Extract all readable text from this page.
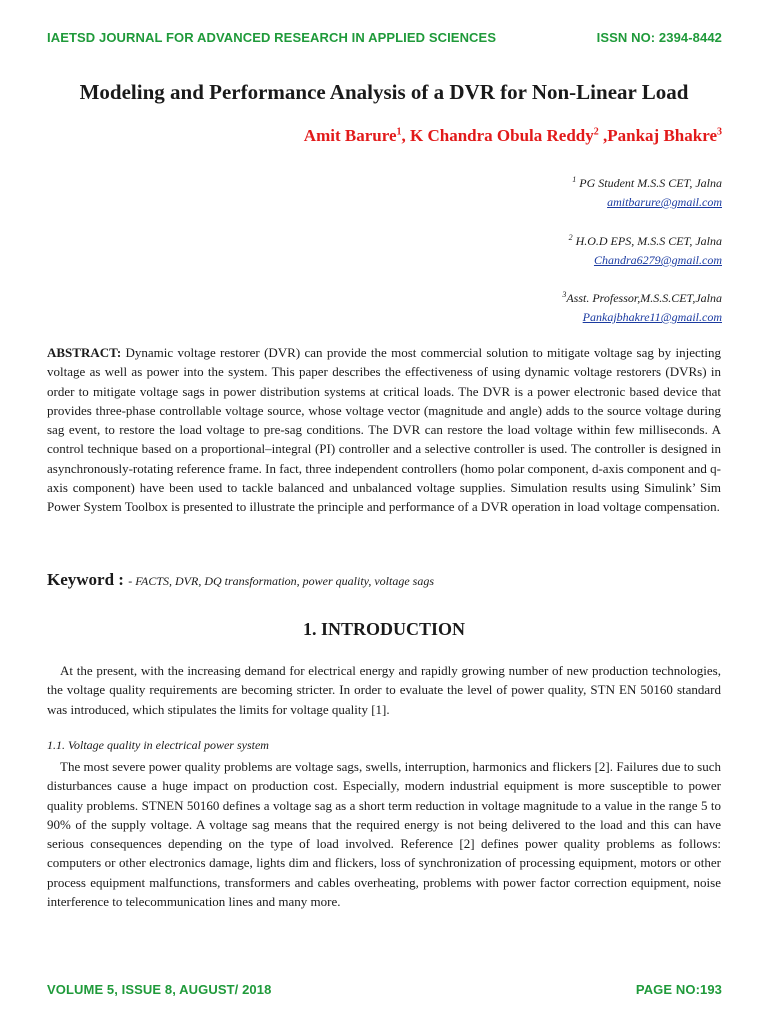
IAETSD JOURNAL FOR ADVANCED RESEARCH IN APPLIED SCIENCES	ISSN NO: 2394-8442
Modeling and Performance Analysis of a DVR for Non-Linear Load

Amit Barure$^1$, K Chandra Obula Reddy$^2$ ,Pankaj Bhakre$^3$

$^1$ PG Student M.S.S CET, Jalna
amitbarure@gmail.com
$^2$ H.O.D EPS, M.S.S CET, Jalna
Chandra6279@gmail.com
$^3$Asst. Professor,M.S.S.CET,Jalna
Pankajbhakre11@gmail.com

ABSTRACT: Dynamic voltage restorer (DVR) can provide the most commercial solution to mitigate voltage sag by injecting voltage as well as power into the system. This paper describes the effectiveness of using dynamic voltage restorers (DVRs) in order to mitigate voltage sags in power distribution systems at critical loads. The DVR is a power electronic based device that provides three-phase controllable voltage source, whose voltage vector (magnitude and angle) adds to the source voltage during sag event, to restore the load voltage to pre-sag conditions. The DVR can restore the load voltage within few milliseconds. A control technique based on a proportional–integral (PI) controller and a selective controller is used. The controller is designed in asynchronously-rotating reference frame. In fact, three independent controllers (homo polar component, d-axis component and q-axis component) have been used to tackle balanced and unbalanced voltage supplies. Simulation results using Simulink’ Sim Power System Toolbox is presented to illustrate the principle and performance of a DVR operation in load voltage compensation.

Keyword : - FACTS, DVR, DQ transformation, power quality, voltage sags

1. INTRODUCTION

At the present, with the increasing demand for electrical energy and rapidly growing number of new production technologies, the voltage quality requirements are becoming stricter. In order to evaluate the level of power quality, STN EN 50160 standard was introduced, which stipulates the limits for voltage quality [1].

1.1. Voltage quality in electrical power system

The most severe power quality problems are voltage sags, swells, interruption, harmonics and flickers [2]. Failures due to such disturbances cause a huge impact on production cost. Especially, modern industrial equipment is more susceptible to power quality problems. STNEN 50160 defines a voltage sag as a short term reduction in voltage magnitude to a value in the range 5 to 90% of the supply voltage. A voltage sag means that the required energy is not being delivered to the load and this can have serious consequences depending on the type of load involved. Reference [2] defines power quality problems as follows: computers or other electronics damage, lights dim and flickers, loss of synchronization of processing equipment, motors or other process equipment malfunctions, transformers and cables overheating, problems with power factor correction equipment, noise interference to telecommunication lines and many more.

VOLUME 5, ISSUE 8, AUGUST/ 2018	PAGE NO:193
